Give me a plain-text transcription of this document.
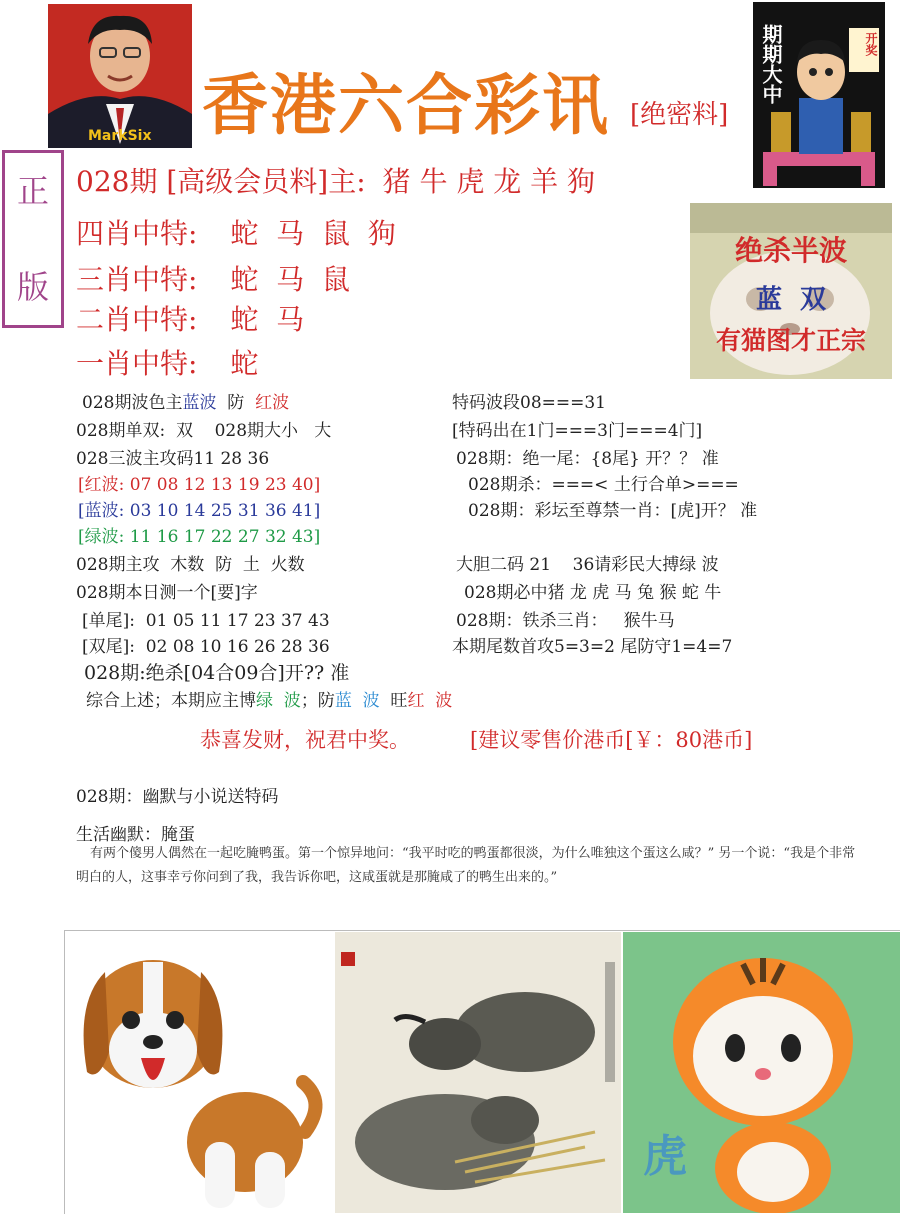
MarkSix 香港六合彩讯 [绝密料]
期期大中	开奖
正
版
028期 [高级会员料]主: 猪 牛 虎 龙 羊 狗
四肖中特: 蛇  马  鼠  狗
三肖中特: 蛇  马  鼠
二肖中特: 蛇  马
一肖中特: 蛇
绝杀半波
蓝  双
有猫图才正宗
028期波色主蓝波  防  红波
028期单双:  双    028期大小   大
028三波主攻码11 28 36
[红波: 07 08 12 13 19 23 40]
[蓝波: 03 10 14 25 31 36 41]
[绿波: 11 16 17 22 27 32 43]
028期主攻  木数  防  土  火数
028期本日测一个[要]字
[单尾]:  01 05 11 17 23 37 43
[双尾]:  02 08 10 16 26 28 36
028期:绝杀[04合09合]开?? 准
综合上述；本期应主博绿  波；防蓝  波  旺红  波
特码波段08===31
[特码出在1门===3门===4门]
028期：绝一尾：{8尾} 开？？ 准
028期杀：===< 土行合单>===
028期：彩坛至尊禁一肖：[虎]开？ 准
大胆二码 21    36请彩民大搏绿 波
028期必中猪 龙 虎 马 兔 猴 蛇 牛
028期：铁杀三肖：   猴牛马
本期尾数首攻5=3=2 尾防守1=4=7
恭喜发财，祝君中奖。	[建议零售价港币[￥：80港币]
028期：幽默与小说送特码
生活幽默：腌蛋
有两个傻男人偶然在一起吃腌鸭蛋。第一个惊异地问：“我平时吃的鸭蛋都很淡，为什么唯独这个蛋这么咸？” 另一个说：“我是个非常明白的人，这事幸亏你问到了我，我告诉你吧，这咸蛋就是那腌咸了的鸭生出来的。”
虎
